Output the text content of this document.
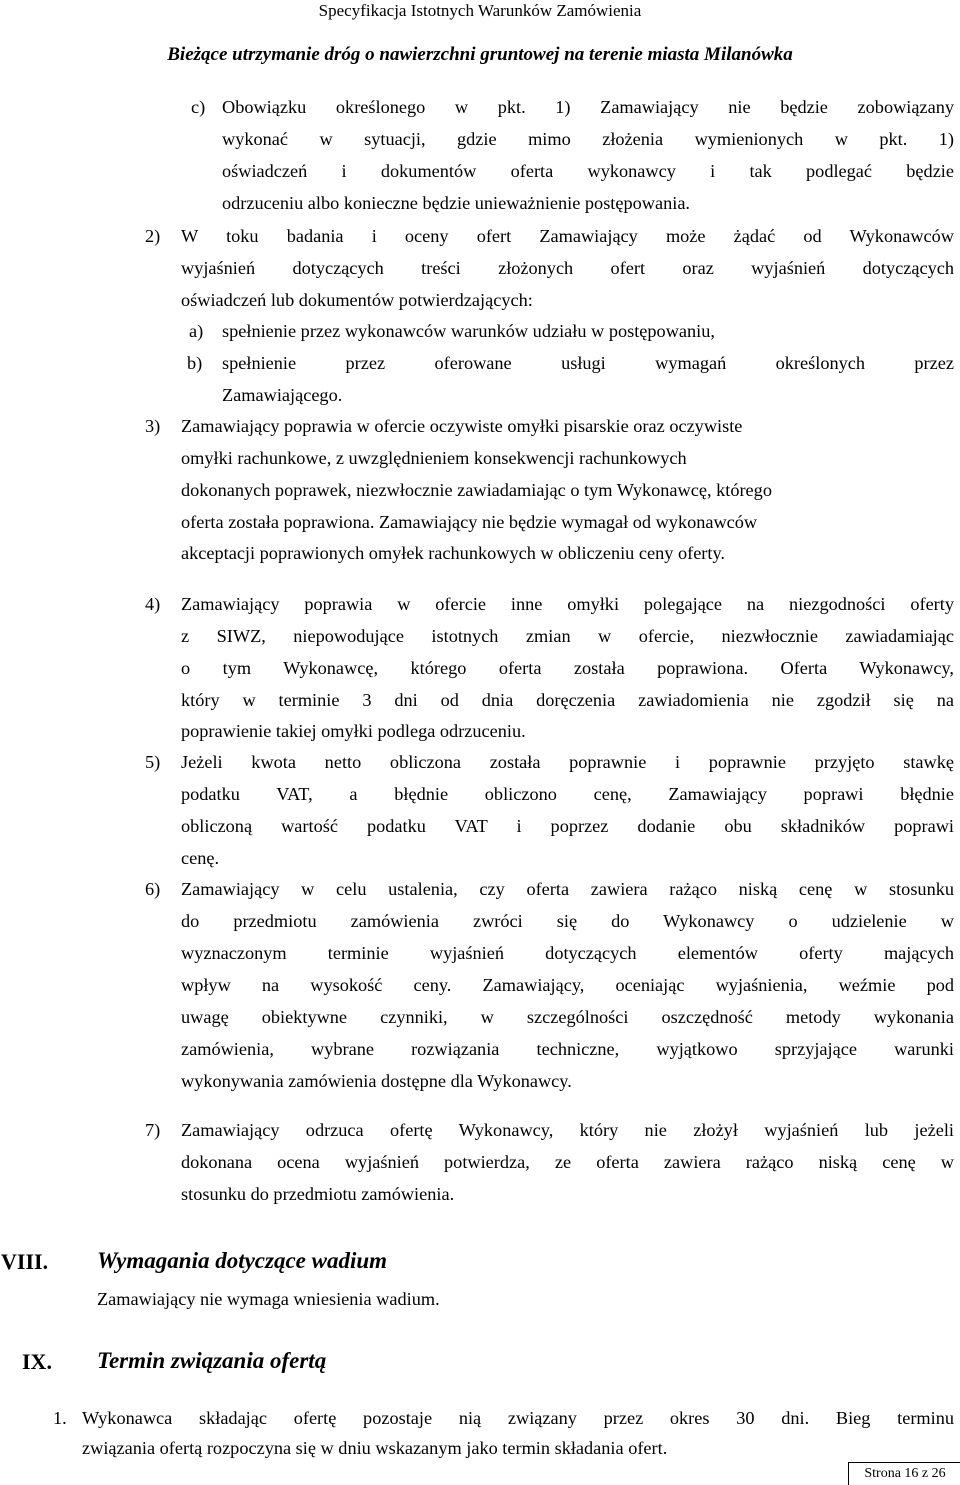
Specyfikacja Istotnych Warunków Zamówienia
Bieżące utrzymanie dróg o nawierzchni gruntowej na terenie miasta Milanówka
c) Obowiązku określonego w pkt. 1) Zamawiający nie będzie zobowiązany
wykonać w sytuacji, gdzie mimo złożenia wymienionych w pkt. 1)
oświadczeń i dokumentów oferta wykonawcy i tak podlegać będzie
odrzuceniu albo konieczne będzie unieważnienie postępowania.
2) W toku badania i oceny ofert Zamawiający może żądać od Wykonawców
wyjaśnień dotyczących treści złożonych ofert oraz wyjaśnień dotyczących
oświadczeń lub dokumentów potwierdzających:
a) spełnienie przez wykonawców warunków udziału w postępowaniu,
b) spełnienie przez oferowane usługi wymagań określonych przez
Zamawiającego.
3) Zamawiający poprawia w ofercie oczywiste omyłki pisarskie oraz oczywiste
omyłki rachunkowe, z uwzględnieniem konsekwencji rachunkowych
dokonanych poprawek, niezwłocznie zawiadamiając o tym Wykonawcę, którego
oferta została poprawiona. Zamawiający nie będzie wymagał od wykonawców
akceptacji poprawionych omyłek rachunkowych w obliczeniu ceny oferty.
4) Zamawiający poprawia w ofercie inne omyłki polegające na niezgodności oferty
z SIWZ, niepowodujące istotnych zmian w ofercie, niezwłocznie zawiadamiając
o tym Wykonawcę, którego oferta została poprawiona. Oferta Wykonawcy,
który w terminie 3 dni od dnia doręczenia zawiadomienia nie zgodził się na
poprawienie takiej omyłki podlega odrzuceniu.
5) Jeżeli kwota netto obliczona została poprawnie i poprawnie przyjęto stawkę
podatku VAT, a błędnie obliczono cenę, Zamawiający poprawi błędnie
obliczoną wartość podatku VAT i poprzez dodanie obu składników poprawi
cenę.
6) Zamawiający w celu ustalenia, czy oferta zawiera rażąco niską cenę w stosunku
do przedmiotu zamówienia zwróci się do Wykonawcy o udzielenie w
wyznaczonym terminie wyjaśnień dotyczących elementów oferty mających
wpływ na wysokość ceny. Zamawiający, oceniając wyjaśnienia, weźmie pod
uwagę obiektywne czynniki, w szczególności oszczędność metody wykonania
zamówienia, wybrane rozwiązania techniczne, wyjątkowo sprzyjające warunki
wykonywania zamówienia dostępne dla Wykonawcy.
7) Zamawiający odrzuca ofertę Wykonawcy, który nie złożył wyjaśnień lub jeżeli
dokonana ocena wyjaśnień potwierdza, ze oferta zawiera rażąco niską cenę w
stosunku do przedmiotu zamówienia.
VIII. Wymagania dotyczące wadium
Zamawiający nie wymaga wniesienia wadium.
IX. Termin związania ofertą
1. Wykonawca składając ofertę pozostaje nią związany przez okres 30 dni. Bieg terminu
związania ofertą rozpoczyna się w dniu wskazanym jako termin składania ofert.
Strona 16 z 26
